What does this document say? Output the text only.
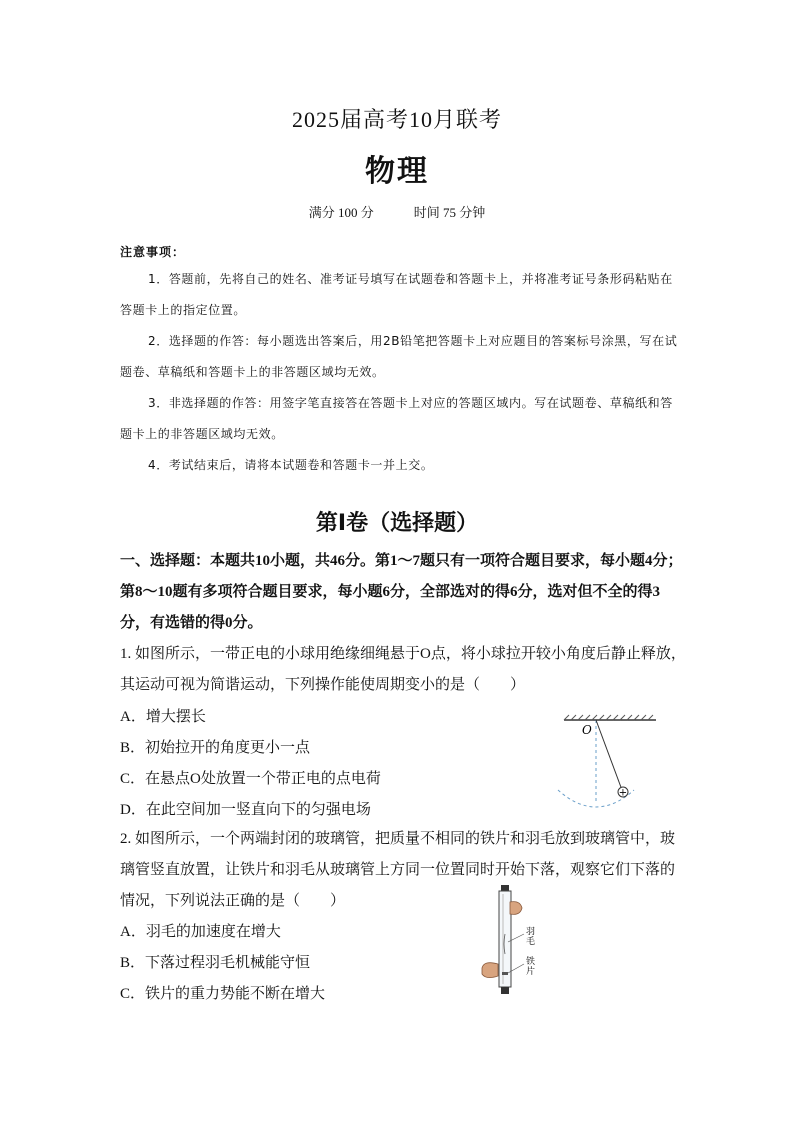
2025届高考10月联考
物理
满分 100 分	时间 75 分钟
注意事项：
1．答题前，先将自己的姓名、准考证号填写在试题卷和答题卡上，并将准考证号条形码粘贴在答题卡上的指定位置。
2．选择题的作答：每小题选出答案后，用2B铅笔把答题卡上对应题目的答案标号涂黑，写在试题卷、草稿纸和答题卡上的非答题区域均无效。
3．非选择题的作答：用签字笔直接答在答题卡上对应的答题区域内。写在试题卷、草稿纸和答题卡上的非答题区域均无效。
4．考试结束后，请将本试题卷和答题卡一并上交。
第Ⅰ卷（选择题）
一、选择题：本题共10小题，共46分。第1～7题只有一项符合题目要求，每小题4分；第8～10题有多项符合题目要求，每小题6分，全部选对的得6分，选对但不全的得3分，有选错的得0分。
1. 如图所示，一带正电的小球用绝缘细绳悬于O点，将小球拉开较小角度后静止释放，其运动可视为简谐运动，下列操作能使周期变小的是（　　）
A．增大摆长
B．初始拉开的角度更小一点
C．在悬点O处放置一个带正电的点电荷
D．在此空间加一竖直向下的匀强电场
+
O
2. 如图所示，一个两端封闭的玻璃管，把质量不相同的铁片和羽毛放到玻璃管中，玻璃管竖直放置，让铁片和羽毛从玻璃管上方同一位置同时开始下落，观察它们下落的情况，下列说法正确的是（　　）
A．羽毛的加速度在增大
B．下落过程羽毛机械能守恒
C．铁片的重力势能不断在增大
羽 毛
铁 片
